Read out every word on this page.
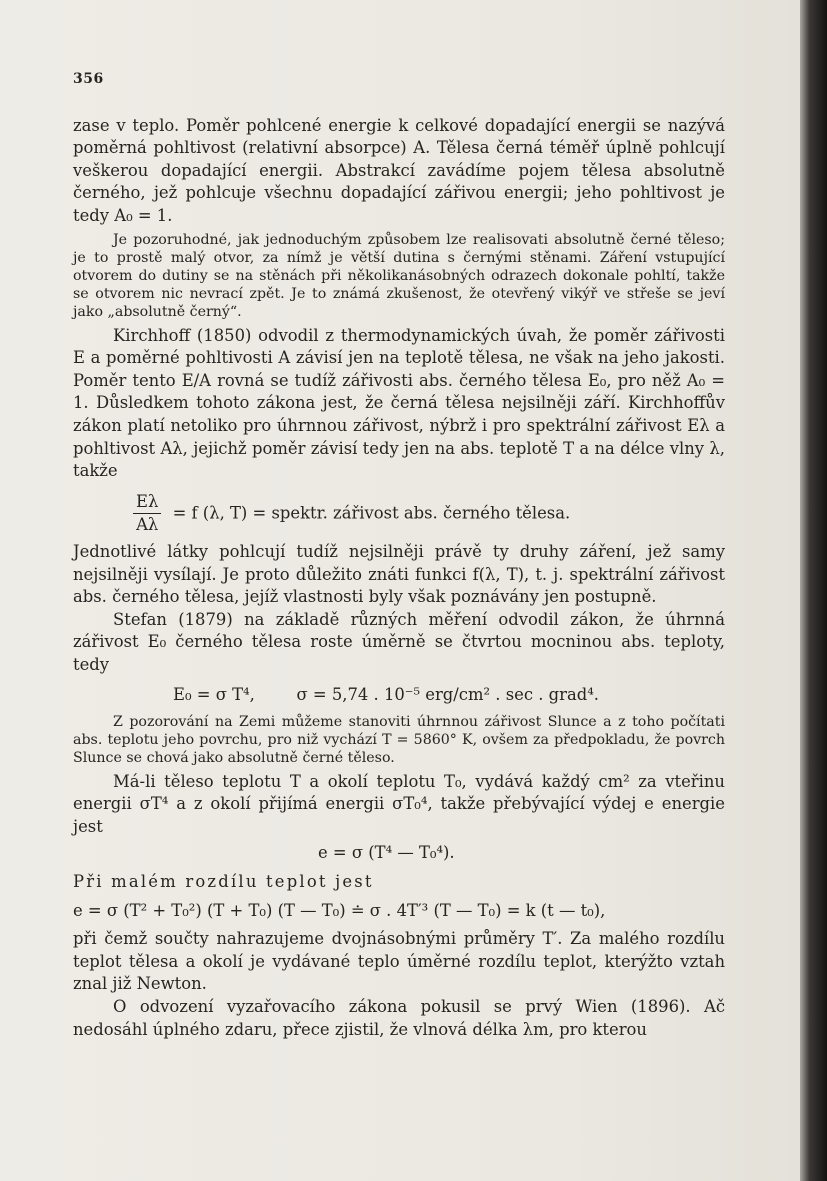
356

zase v teplo. Poměr pohlcené energie k celkové dopadající energii se nazývá poměrná pohltivost (relativní absorpce) A. Tělesa černá téměř úplně pohlcují veškerou dopadající energii. Abstrakcí zavádíme pojem tělesa absolutně černého, jež pohlcuje všechnu dopadající zářivou energii; jeho pohltivost je tedy A₀ = 1.

Je pozoruhodné, jak jednoduchým způsobem lze realisovati absolutně černé těleso; je to prostě malý otvor, za nímž je větší dutina s černými stěnami. Záření vstupující otvorem do dutiny se na stěnách při několikanásobných odrazech dokonale pohltí, takže se otvorem nic nevrací zpět. Je to známá zkušenost, že otevřený vikýř ve střeše se jeví jako „absolutně černý“.

Kirchhoff (1850) odvodil z thermodynamických úvah, že poměr zářivosti E a poměrné pohltivosti A závisí jen na teplotě tělesa, ne však na jeho jakosti. Poměr tento E/A rovná se tudíž zářivosti abs. černého tělesa E₀, pro něž A₀ = 1. Důsledkem tohoto zákona jest, že černá tělesa nejsilněji září. Kirchhoffův zákon platí netoliko pro úhrnnou zářivost, nýbrž i pro spektrální zářivost Eλ a pohltivost Aλ, jejichž poměr závisí tedy jen na abs. teplotě T a na délce vlny λ, takže

$\frac{E\lambda}{A\lambda} = f$ (λ, T) = spektr. zářivost abs. černého tělesa.

Jednotlivé látky pohlcují tudíž nejsilněji právě ty druhy záření, jež samy nejsilněji vysílají. Je proto důležito znáti funkci f(λ, T), t. j. spektrální zářivost abs. černého tělesa, jejíž vlastnosti byly však poznávány jen postupně.

Stefan (1879) na základě různých měření odvodil zákon, že úhrnná zářivost E₀ černého tělesa roste úměrně se čtvrtou mocninou abs. teploty, tedy

E₀ = σ T⁴,        σ = 5,74 . 10⁻⁵ erg/cm² . sec . grad⁴.

Z pozorování na Zemi můžeme stanoviti úhrnnou zářivost Slunce a z toho počítati abs. teplotu jeho povrchu, pro niž vychází T = 5860° K, ovšem za předpokladu, že povrch Slunce se chová jako absolutně černé těleso.

Má-li těleso teplotu T a okolí teplotu T₀, vydává každý cm² za vteřinu energii σT⁴ a z okolí přijímá energii σT₀⁴, takže přebývající výdej e energie jest

e = σ (T⁴ — T₀⁴).

Při malém rozdílu teplot jest

e = σ (T² + T₀²) (T + T₀) (T — T₀) ≐ σ . 4T′³ (T — T₀) = k (t — t₀),

při čemž součty nahrazujeme dvojnásobnými průměry T′. Za malého rozdílu teplot tělesa a okolí je vydávané teplo úměrné rozdílu teplot, kterýžto vztah znal již Newton.

O odvození vyzařovacího zákona pokusil se prvý Wien (1896). Ač nedosáhl úplného zdaru, přece zjistil, že vlnová délka λm, pro kterou
